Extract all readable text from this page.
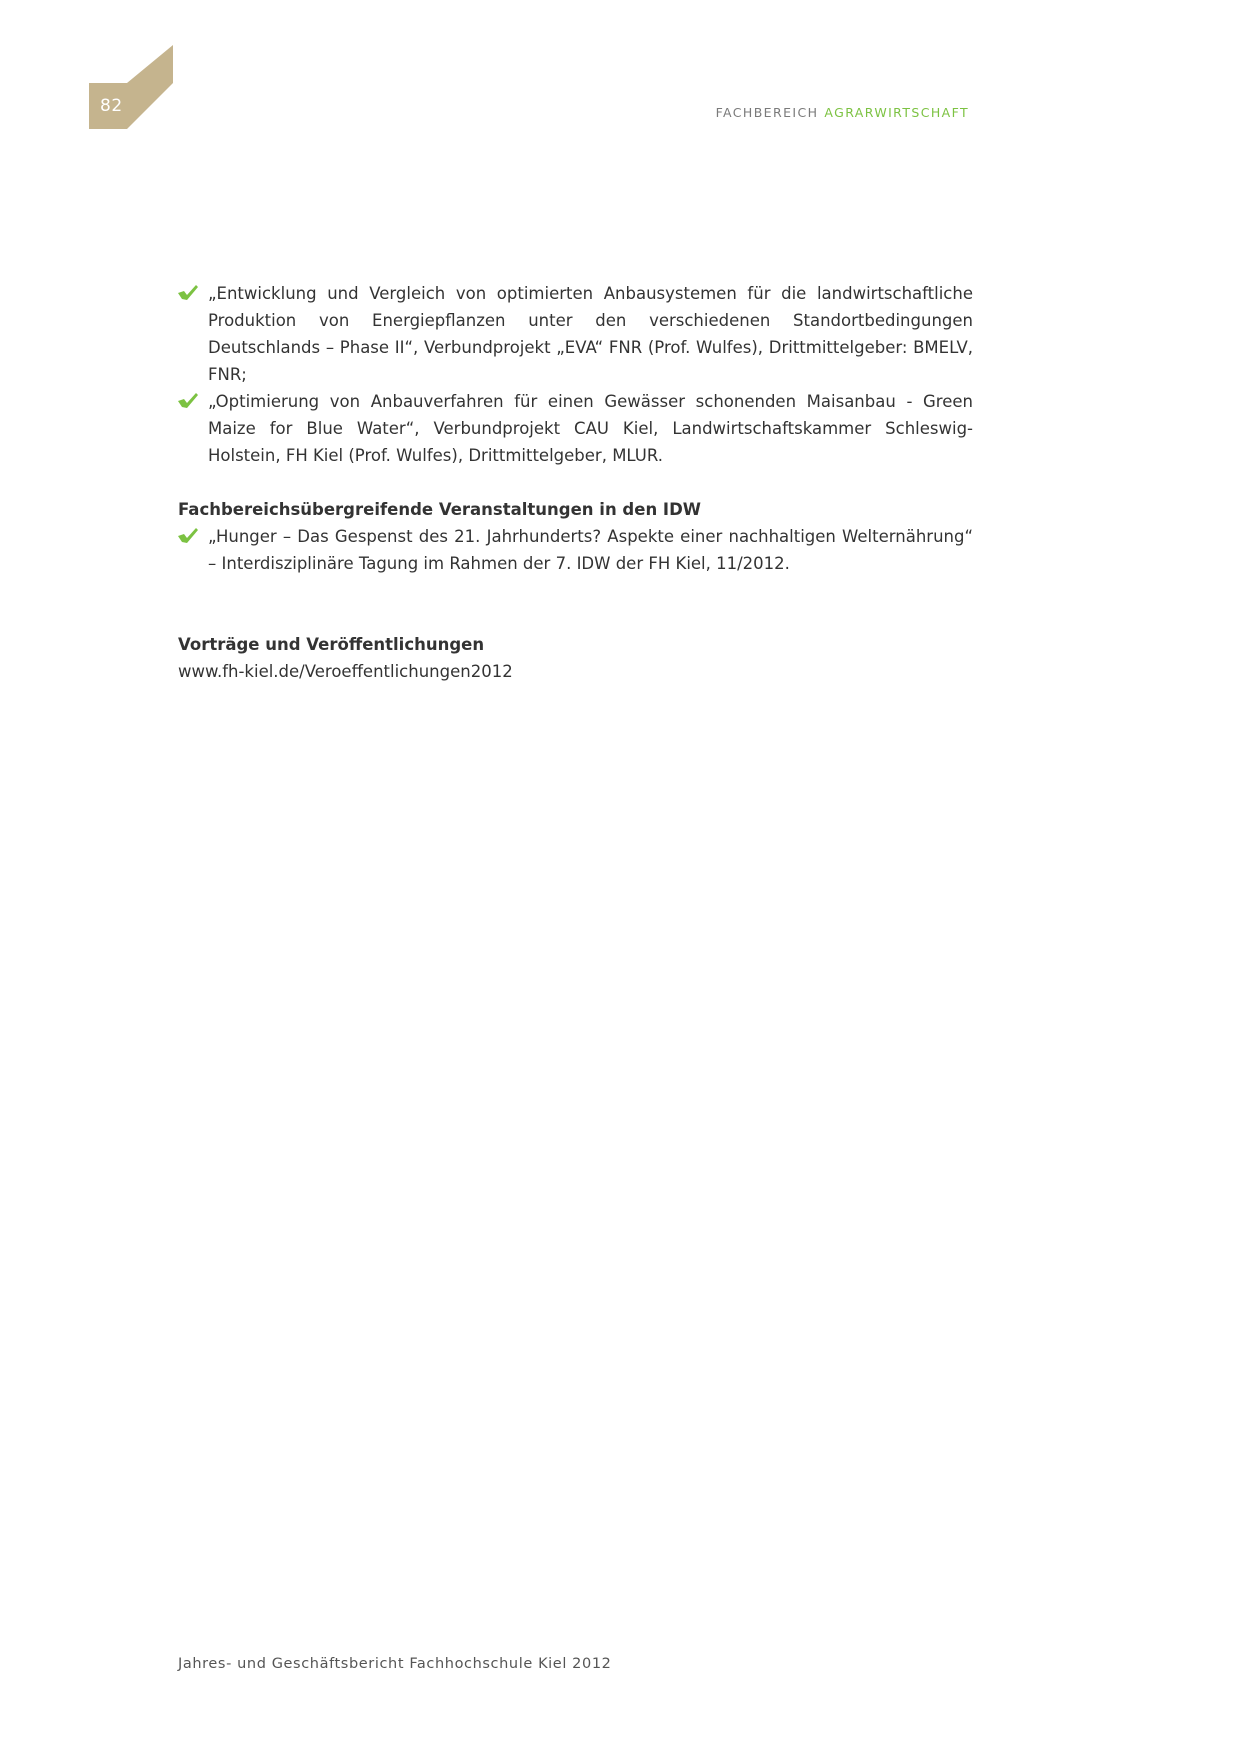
82	FACHBEREICH AGRARWIRTSCHAFT
„Entwicklung und Vergleich von optimierten Anbausystemen für die landwirtschaftliche Produktion von Energiepflanzen unter den verschiedenen Standortbedingungen Deutschlands – Phase II“, Verbundprojekt „EVA“ FNR (Prof. Wulfes), Drittmittelgeber: BMELV, FNR;
„Optimierung von Anbauverfahren für einen Gewässer schonenden Maisanbau - Green Maize for Blue Water“, Verbundprojekt CAU Kiel, Landwirtschaftskammer Schleswig-Holstein, FH Kiel (Prof. Wulfes), Drittmittelgeber, MLUR.
Fachbereichsübergreifende Veranstaltungen in den IDW
„Hunger – Das Gespenst des 21. Jahrhunderts? Aspekte einer nachhaltigen Welternährung“ – Interdisziplinäre Tagung im Rahmen der 7. IDW der FH Kiel, 11/2012.
Vorträge und Veröffentlichungen
www.fh-kiel.de/Veroeffentlichungen2012
Jahres- und Geschäftsbericht Fachhochschule Kiel 2012
